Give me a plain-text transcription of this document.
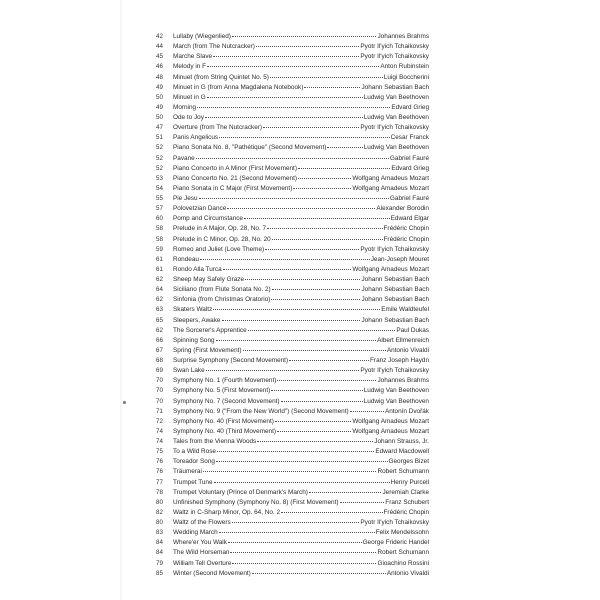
42	Lullaby (Wiegenlied)	Johannes Brahms
44	March (from The Nutcracker)	Pyotr Il'yich Tchaikovsky
45	Marche Slave	Pyotr Il'yich Tchaikovsky
46	Melody in F	Anton Rubinstein
48	Minuet (from String Quintet No. 5)	Luigi Boccherini
49	Minuet in G (from Anna Magdalena Notebook)	Johann Sebastian Bach
50	Minuet in G	Ludwig Van Beethoven
49	Morning	Edvard Grieg
50	Ode to Joy	Ludwig Van Beethoven
47	Overture (from The Nutcracker)	Pyotr Il'yich Tchaikovsky
51	Panis Angelicus	Cesar Franck
52	Piano Sonata No. 8, "Pathétique" (Second Movement)	Ludwig Van Beethoven
52	Pavane	Gabriel Fauré
52	Piano Concerto in A Minor (First Movement)	Edvard Grieg
53	Piano Concerto No. 21 (Second Movement)	Wolfgang Amadeus Mozart
54	Piano Sonata in C Major (First Movement)	Wolfgang Amadeus Mozart
55	Pie Jesu	Gabriel Fauré
57	Polovetzian Dance	Alexander Borodin
60	Pomp and Circumstance	Edward Elgar
58	Prelude in A Major, Op. 28, No. 7	Frédéric Chopin
58	Prelude in C Minor, Op. 28, No. 20	Frédéric Chopin
59	Romeo and Juliet (Love Theme)	Pyotr Il'yich Tchaikovsky
61	Rondeau	Jean-Joseph Mouret
61	Rondo Alla Turca	Wolfgang Amadeus Mozart
62	Sheep May Safely Graze	Johann Sebastian Bach
64	Siciliano (from Flute Sonata No. 2)	Johann Sebastian Bach
62	Sinfonia (from Christmas Oratorio)	Johann Sebastian Bach
63	Skaters Waltz	Emile Waldteufel
65	Sleepers, Awake	Johann Sebastian Bach
62	The Sorcerer's Apprentice	Paul Dukas
66	Spinning Song	Albert Ellmenreich
67	Spring (First Movement)	Antonio Vivaldi
68	Surprise Symphony (Second Movement)	Franz Joseph Haydn
69	Swan Lake	Pyotr Il'yich Tchaikovsky
70	Symphony No. 1 (Fourth Movement)	Johannes Brahms
70	Symphony No. 5 (First Movement)	Ludwig Van Beethoven
70	Symphony No. 7 (Second Movement)	Ludwig Van Beethoven
71	Symphony No. 9 ("From the New World") (Second Movement)	Antonín Dvořák
72	Symphony No. 40 (First Movement)	Wolfgang Amadeus Mozart
74	Symphony No. 40 (Third Movement)	Wolfgang Amadeus Mozart
74	Tales from the Vienna Woods	Johann Strauss, Jr.
75	To a Wild Rose	Edward Macdowell
76	Toreador Song	Georges Bizet
76	Träumerai	Robert Schumann
77	Trumpet Tune	Henry Purcell
78	Trumpet Voluntary (Prince of Denmark's March)	Jeremiah Clarke
80	Unfinished Symphony (Symphony No. 8) (First Movement)	Franz Schubert
82	Waltz in C-Sharp Minor, Op. 64, No. 2	Frédéric Chopin
80	Waltz of the Flowers	Pyotr Il'yich Tchaikovsky
83	Wedding March	Felix Mendelssohn
84	Where'er You Walk	George Frideric Handel
84	The Wild Horseman	Robert Schumann
79	William Tell Overture	Gioachino Rossini
85	Winter (Second Movement)	Antonio Vivaldi
